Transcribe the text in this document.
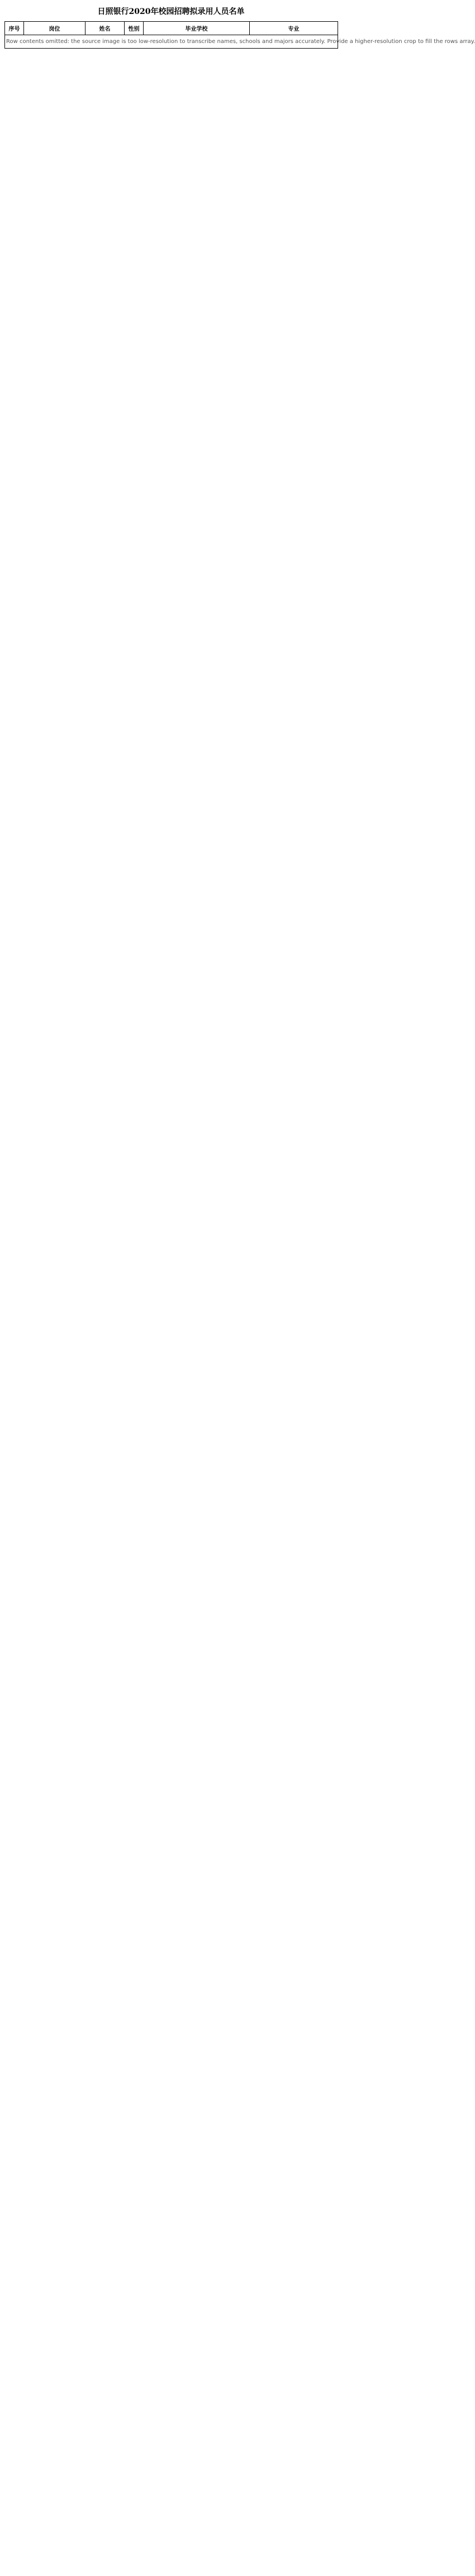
日照银行2020年校园招聘拟录用人员名单
序号	岗位	姓名	性别	毕业学校	专业
Row contents omitted: the source image is too low-resolution to transcribe names, schools and majors accurately. Provide a higher-resolution crop to fill the rows array.
